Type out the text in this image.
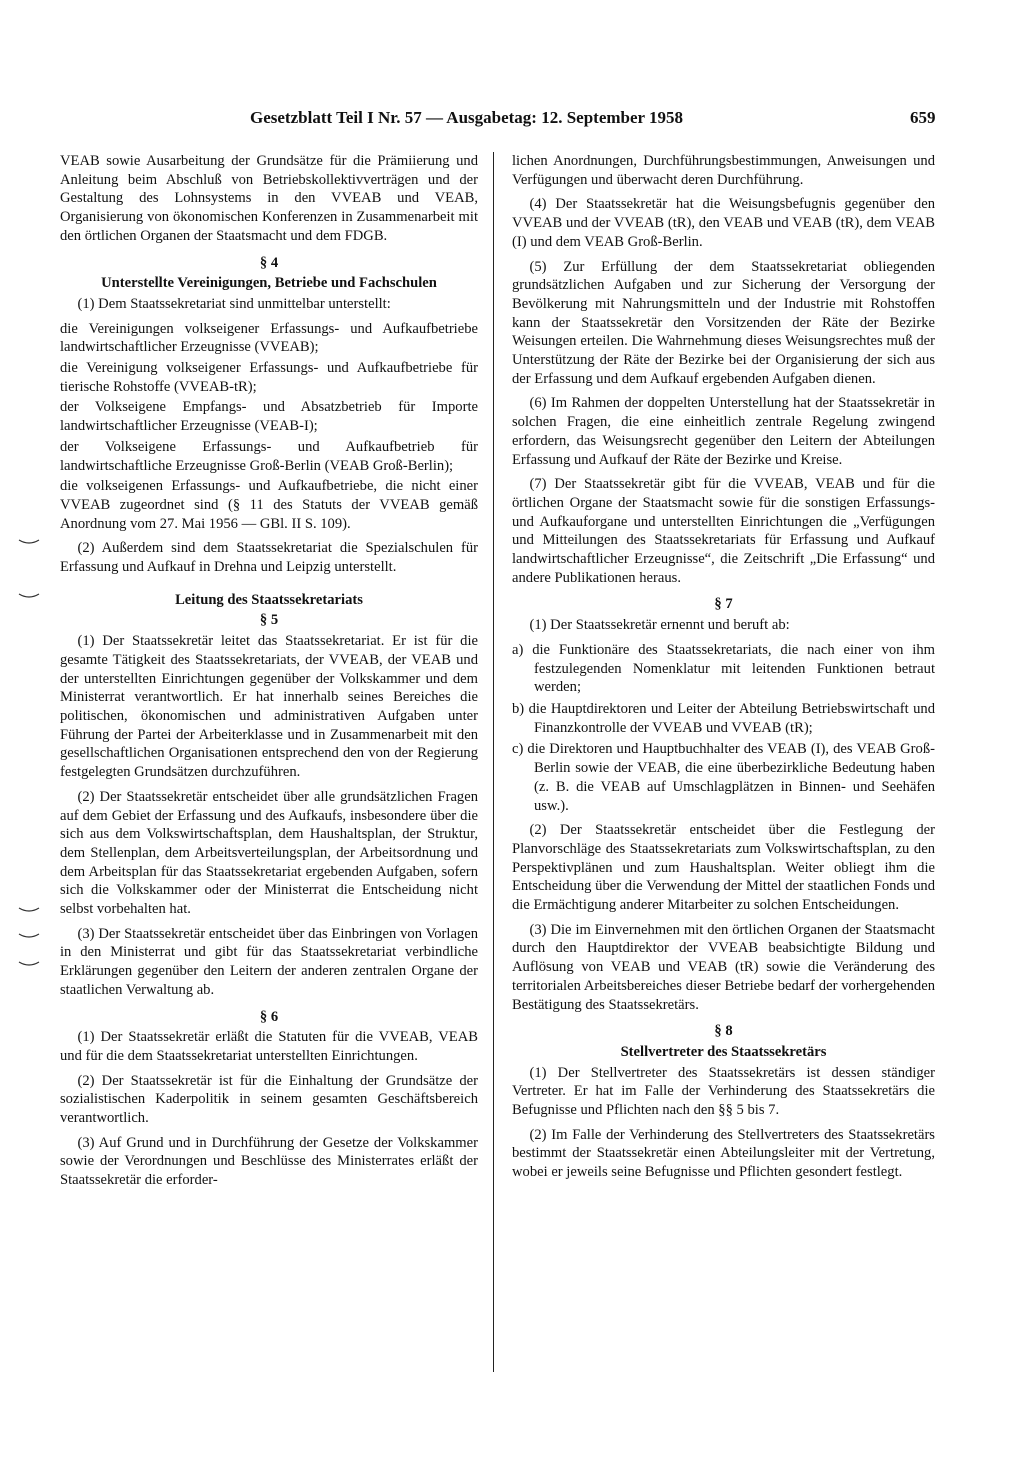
Gesetzblatt Teil I Nr. 57 — Ausgabetag: 12. September 1958	659

VEAB sowie Ausarbeitung der Grundsätze für die Prämiierung und Anleitung beim Abschluß von Betriebskollektivverträgen und der Gestaltung des Lohnsystems in den VVEAB und VEAB, Organisierung von ökonomischen Konferenzen in Zusammenarbeit mit den örtlichen Organen der Staatsmacht und dem FDGB.

§ 4
Unterstellte Vereinigungen, Betriebe und Fachschulen

(1) Dem Staatssekretariat sind unmittelbar unterstellt:

die Vereinigungen volkseigener Erfassungs- und Aufkaufbetriebe landwirtschaftlicher Erzeugnisse (VVEAB);

die Vereinigung volkseigener Erfassungs- und Aufkaufbetriebe für tierische Rohstoffe (VVEAB-tR);

der Volkseigene Empfangs- und Absatzbetrieb für Importe landwirtschaftlicher Erzeugnisse (VEAB-I);

der Volkseigene Erfassungs- und Aufkaufbetrieb für landwirtschaftliche Erzeugnisse Groß-Berlin (VEAB Groß-Berlin);

die volkseigenen Erfassungs- und Aufkaufbetriebe, die nicht einer VVEAB zugeordnet sind (§ 11 des Statuts der VVEAB gemäß Anordnung vom 27. Mai 1956 — GBl. II S. 109).

(2) Außerdem sind dem Staatssekretariat die Spezialschulen für Erfassung und Aufkauf in Drehna und Leipzig unterstellt.

Leitung des Staatssekretariats
§ 5

(1) Der Staatssekretär leitet das Staatssekretariat. Er ist für die gesamte Tätigkeit des Staatssekretariats, der VVEAB, der VEAB und der unterstellten Einrichtungen gegenüber der Volkskammer und dem Ministerrat verantwortlich. Er hat innerhalb seines Bereiches die politischen, ökonomischen und administrativen Aufgaben unter Führung der Partei der Arbeiterklasse und in Zusammenarbeit mit den gesellschaftlichen Organisationen entsprechend den von der Regierung festgelegten Grundsätzen durchzuführen.

(2) Der Staatssekretär entscheidet über alle grundsätzlichen Fragen auf dem Gebiet der Erfassung und des Aufkaufs, insbesondere über die sich aus dem Volkswirtschaftsplan, dem Haushaltsplan, der Struktur, dem Stellenplan, dem Arbeitsverteilungsplan, der Arbeitsordnung und dem Arbeitsplan für das Staatssekretariat ergebenden Aufgaben, sofern sich die Volkskammer oder der Ministerrat die Entscheidung nicht selbst vorbehalten hat.

(3) Der Staatssekretär entscheidet über das Einbringen von Vorlagen in den Ministerrat und gibt für das Staatssekretariat verbindliche Erklärungen gegenüber den Leitern der anderen zentralen Organe der staatlichen Verwaltung ab.

§ 6

(1) Der Staatssekretär erläßt die Statuten für die VVEAB, VEAB und für die dem Staatssekretariat unterstellten Einrichtungen.

(2) Der Staatssekretär ist für die Einhaltung der Grundsätze der sozialistischen Kaderpolitik in seinem gesamten Geschäftsbereich verantwortlich.

(3) Auf Grund und in Durchführung der Gesetze der Volkskammer sowie der Verordnungen und Beschlüsse des Ministerrates erläßt der Staatssekretär die erforder-

lichen Anordnungen, Durchführungsbestimmungen, Anweisungen und Verfügungen und überwacht deren Durchführung.

(4) Der Staatssekretär hat die Weisungsbefugnis gegenüber den VVEAB und der VVEAB (tR), den VEAB und VEAB (tR), dem VEAB (I) und dem VEAB Groß-Berlin.

(5) Zur Erfüllung der dem Staatssekretariat obliegenden grundsätzlichen Aufgaben und zur Sicherung der Versorgung der Bevölkerung mit Nahrungsmitteln und der Industrie mit Rohstoffen kann der Staatssekretär den Vorsitzenden der Räte der Bezirke Weisungen erteilen. Die Wahrnehmung dieses Weisungsrechtes muß der Unterstützung der Räte der Bezirke bei der Organisierung der sich aus der Erfassung und dem Aufkauf ergebenden Aufgaben dienen.

(6) Im Rahmen der doppelten Unterstellung hat der Staatssekretär in solchen Fragen, die eine einheitlich zentrale Regelung zwingend erfordern, das Weisungsrecht gegenüber den Leitern der Abteilungen Erfassung und Aufkauf der Räte der Bezirke und Kreise.

(7) Der Staatssekretär gibt für die VVEAB, VEAB und für die örtlichen Organe der Staatsmacht sowie für die sonstigen Erfassungs- und Aufkauforgane und unterstellten Einrichtungen die „Verfügungen und Mitteilungen des Staatssekretariats für Erfassung und Aufkauf landwirtschaftlicher Erzeugnisse“, die Zeitschrift „Die Erfassung“ und andere Publikationen heraus.

§ 7

(1) Der Staatssekretär ernennt und beruft ab:

a) die Funktionäre des Staatssekretariats, die nach einer von ihm festzulegenden Nomenklatur mit leitenden Funktionen betraut werden;

b) die Hauptdirektoren und Leiter der Abteilung Betriebswirtschaft und Finanzkontrolle der VVEAB und VVEAB (tR);

c) die Direktoren und Hauptbuchhalter des VEAB (I), des VEAB Groß-Berlin sowie der VEAB, die eine überbezirkliche Bedeutung haben (z. B. die VEAB auf Umschlagplätzen in Binnen- und Seehäfen usw.).

(2) Der Staatssekretär entscheidet über die Festlegung der Planvorschläge des Staatssekretariats zum Volkswirtschaftsplan, zu den Perspektivplänen und zum Haushaltsplan. Weiter obliegt ihm die Entscheidung über die Verwendung der Mittel der staatlichen Fonds und die Ermächtigung anderer Mitarbeiter zu solchen Entscheidungen.

(3) Die im Einvernehmen mit den örtlichen Organen der Staatsmacht durch den Hauptdirektor der VVEAB beabsichtigte Bildung und Auflösung von VEAB und VEAB (tR) sowie die Veränderung des territorialen Arbeitsbereiches dieser Betriebe bedarf der vorhergehenden Bestätigung des Staatssekretärs.

§ 8
Stellvertreter des Staatssekretärs

(1) Der Stellvertreter des Staatssekretärs ist dessen ständiger Vertreter. Er hat im Falle der Verhinderung des Staatssekretärs die Befugnisse und Pflichten nach den §§ 5 bis 7.

(2) Im Falle der Verhinderung des Stellvertreters des Staatssekretärs bestimmt der Staatssekretär einen Abteilungsleiter mit der Vertretung, wobei er jeweils seine Befugnisse und Pflichten gesondert festlegt.
